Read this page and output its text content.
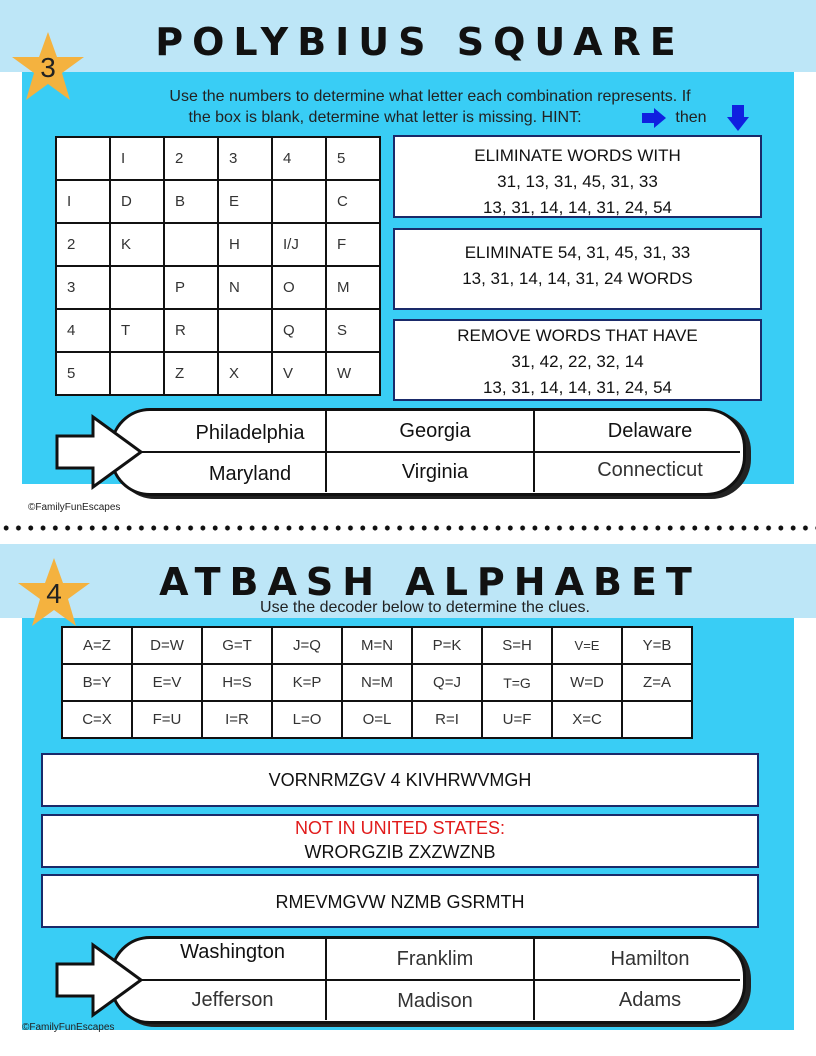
3
POLYBIUS SQUARE
Use the numbers to determine what letter each combination represents. If
the box is blank, determine what letter is missing. HINT:	then
	I	2	3	4	5
I	D	B	E		C
2	K		H	I/J	F
3		P	N	O	M
4	T	R		Q	S
5		Z	X	V	W
ELIMINATE WORDS WITH
31, 13, 31, 45, 31, 33
13, 31, 14, 14, 31, 24, 54
ELIMINATE 54, 31, 45, 31, 33
13, 31, 14, 14, 31, 24 WORDS
REMOVE WORDS THAT HAVE
31, 42, 22, 32, 14
13, 31, 14, 14, 31, 24, 54
Philadelphia	Georgia	Delaware
Maryland	Virginia	Connecticut
©FamilyFunEscapes
4	ATBASH ALPHABET
Use the decoder below to determine the clues.
A=Z	D=W	G=T	J=Q	M=N	P=K	S=H	V=E	Y=B
B=Y	E=V	H=S	K=P	N=M	Q=J	T=G	W=D	Z=A
C=X	F=U	I=R	L=O	O=L	R=I	U=F	X=C	
VORNRMZGV 4 KIVHRWVMGH
NOT IN UNITED STATES:
WRORGZIB ZXZWZNB
RMEVMGVW NZMB GSRMTH
Washington	Franklim	Hamilton
Jefferson	Madison	Adams
©FamilyFunEscapes
